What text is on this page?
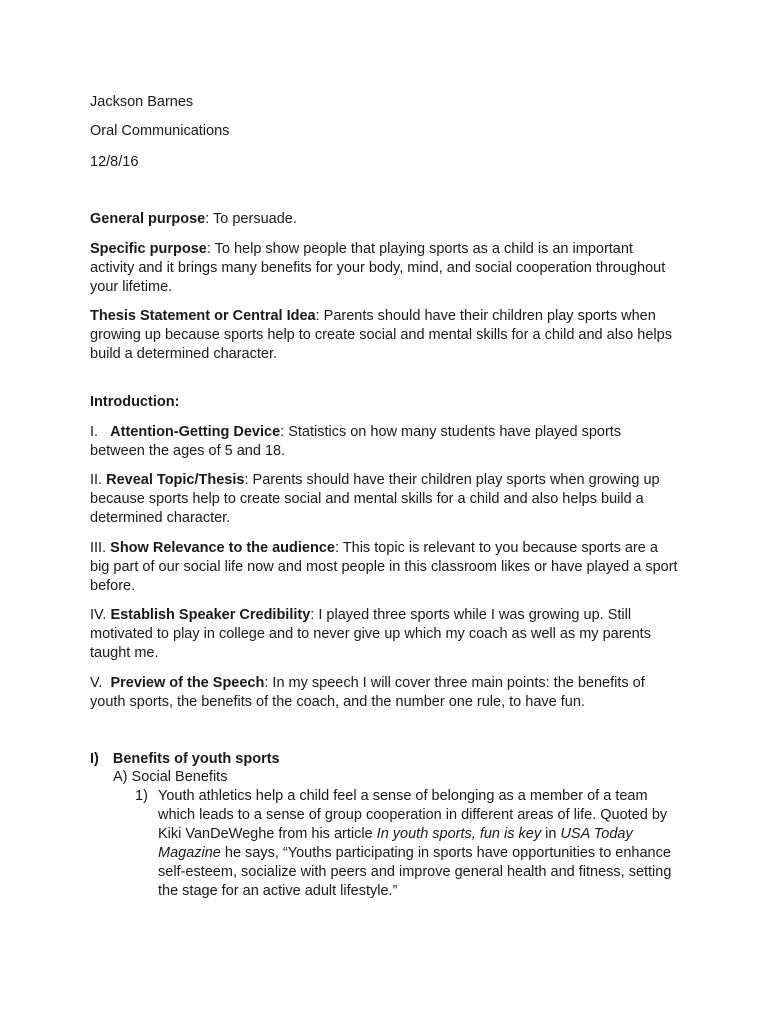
Jackson Barnes
Oral Communications
12/8/16
General purpose: To persuade.
Specific purpose: To help show people that playing sports as a child is an important activity and it brings many benefits for your body, mind, and social cooperation throughout your lifetime.
Thesis Statement or Central Idea: Parents should have their children play sports when growing up because sports help to create social and mental skills for a child and also helps build a determined character.
Introduction:
I. Attention-Getting Device: Statistics on how many students have played sports between the ages of 5 and 18.
II. Reveal Topic/Thesis: Parents should have their children play sports when growing up because sports help to create social and mental skills for a child and also helps build a determined character.
III. Show Relevance to the audience: This topic is relevant to you because sports are a big part of our social life now and most people in this classroom likes or have played a sport before.
IV. Establish Speaker Credibility: I played three sports while I was growing up. Still motivated to play in college and to never give up which my coach as well as my parents taught me.
V. Preview of the Speech: In my speech I will cover three main points: the benefits of youth sports, the benefits of the coach, and the number one rule, to have fun.
I) Benefits of youth sports
A) Social Benefits
1) Youth athletics help a child feel a sense of belonging as a member of a team which leads to a sense of group cooperation in different areas of life. Quoted by Kiki VanDeWeghe from his article In youth sports, fun is key in USA Today Magazine he says, “Youths participating in sports have opportunities to enhance self-esteem, socialize with peers and improve general health and fitness, setting the stage for an active adult lifestyle.”
